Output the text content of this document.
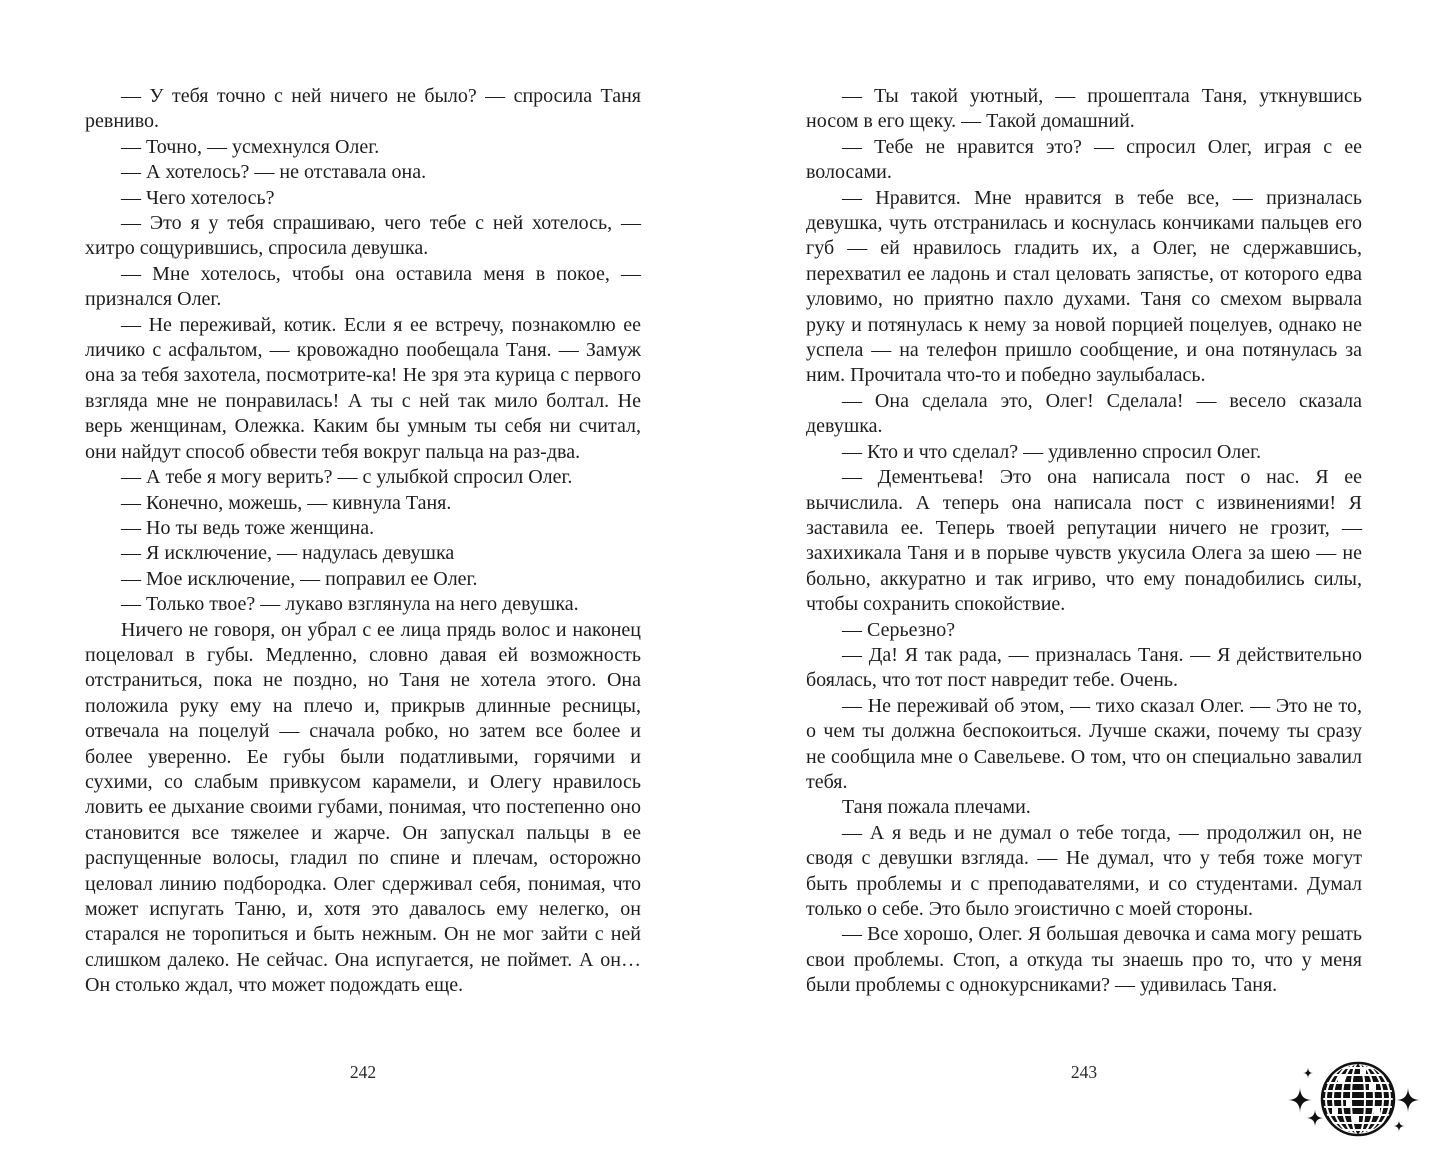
— У тебя точно с ней ничего не было? — спросила Таня ревниво.

— Точно, — усмехнулся Олег.

— А хотелось? — не отставала она.

— Чего хотелось?

— Это я у тебя спрашиваю, чего тебе с ней хотелось, — хитро сощурившись, спросила девушка.

— Мне хотелось, чтобы она оставила меня в покое, — признался Олег.

— Не переживай, котик. Если я ее встречу, познакомлю ее личико с асфальтом, — кровожадно пообещала Таня. — Замуж она за тебя захотела, посмотрите-ка! Не зря эта курица с первого взгляда мне не понравилась! А ты с ней так мило болтал. Не верь женщинам, Олежка. Каким бы умным ты себя ни считал, они найдут способ обвести тебя вокруг пальца на раз-два.

— А тебе я могу верить? — с улыбкой спросил Олег.

— Конечно, можешь, — кивнула Таня.

— Но ты ведь тоже женщина.

— Я исключение, — надулась девушка

— Мое исключение, — поправил ее Олег.

— Только твое? — лукаво взглянула на него девушка.

Ничего не говоря, он убрал с ее лица прядь волос и наконец поцеловал в губы. Медленно, словно давая ей возможность отстраниться, пока не поздно, но Таня не хотела этого. Она положила руку ему на плечо и, прикрыв длинные ресницы, отвечала на поцелуй — сначала робко, но затем все более и более уверенно. Ее губы были податливыми, горячими и сухими, со слабым привкусом карамели, и Олегу нравилось ловить ее дыхание своими губами, понимая, что постепенно оно становится все тяжелее и жарче. Он запускал пальцы в ее распущенные волосы, гладил по спине и плечам, осторожно целовал линию подбородка. Олег сдерживал себя, понимая, что может испугать Таню, и, хотя это давалось ему нелегко, он старался не торопиться и быть нежным. Он не мог зайти с ней слишком далеко. Не сейчас. Она испугается, не поймет. А он… Он столько ждал, что может подождать еще.

— Ты такой уютный, — прошептала Таня, уткнувшись носом в его щеку. — Такой домашний.

— Тебе не нравится это? — спросил Олег, играя с ее волосами.

— Нравится. Мне нравится в тебе все, — призналась девушка, чуть отстранилась и коснулась кончиками пальцев его губ — ей нравилось гладить их, а Олег, не сдержавшись, перехватил ее ладонь и стал целовать запястье, от которого едва уловимо, но приятно пахло духами. Таня со смехом вырвала руку и потянулась к нему за новой порцией поцелуев, однако не успела — на телефон пришло сообщение, и она потянулась за ним. Прочитала что-то и победно заулыбалась.

— Она сделала это, Олег! Сделала! — весело сказала девушка.

— Кто и что сделал? — удивленно спросил Олег.

— Дементьева! Это она написала пост о нас. Я ее вычислила. А теперь она написала пост с извинениями! Я заставила ее. Теперь твоей репутации ничего не грозит, — захихикала Таня и в порыве чувств укусила Олега за шею — не больно, аккуратно и так игриво, что ему понадобились силы, чтобы сохранить спокойствие.

— Серьезно?

— Да! Я так рада, — призналась Таня. — Я действительно боялась, что тот пост навредит тебе. Очень.

— Не переживай об этом, — тихо сказал Олег. — Это не то, о чем ты должна беспокоиться. Лучше скажи, почему ты сразу не сообщила мне о Савельеве. О том, что он специально завалил тебя.

Таня пожала плечами.

— А я ведь и не думал о тебе тогда, — продолжил он, не сводя с девушки взгляда. — Не думал, что у тебя тоже могут быть проблемы и с преподавателями, и со студентами. Думал только о себе. Это было эгоистично с моей стороны.

— Все хорошо, Олег. Я большая девочка и сама могу решать свои проблемы. Стоп, а откуда ты знаешь про то, что у меня были проблемы с однокурсниками? — удивилась Таня.

242	243
